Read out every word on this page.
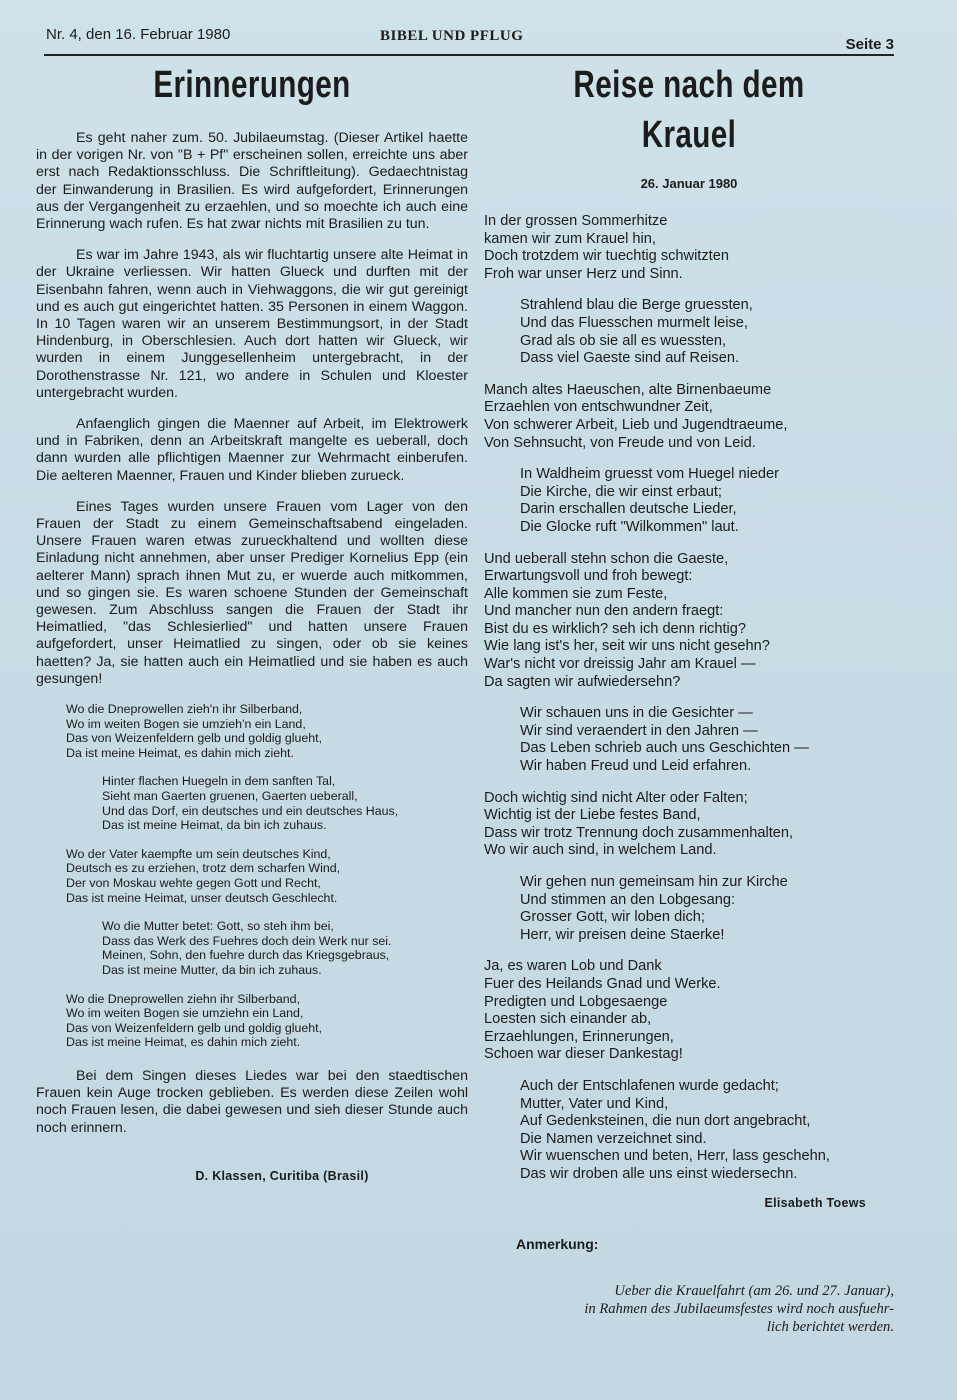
Nr. 4, den 16. Februar 1980	BIBEL UND PFLUG	Seite 3
Erinnerungen

Es geht naher zum. 50. Jubilaeumstag. (Dieser Artikel haette in der vorigen Nr. von "B + Pf" erscheinen sollen, erreichte uns aber erst nach Redaktionsschluss. Die Schriftleitung). Gedaechtnistag der Einwanderung in Brasilien. Es wird aufgefordert, Erinnerungen aus der Vergangenheit zu erzaehlen, und so moechte ich auch eine Erinnerung wach rufen. Es hat zwar nichts mit Brasilien zu tun.

Es war im Jahre 1943, als wir fluchtartig unsere alte Heimat in der Ukraine verliessen. Wir hatten Glueck und durften mit der Eisenbahn fahren, wenn auch in Viehwaggons, die wir gut gereinigt und es auch gut eingerichtet hatten. 35 Personen in einem Waggon. In 10 Tagen waren wir an unserem Bestimmungsort, in der Stadt Hindenburg, in Oberschlesien. Auch dort hatten wir Glueck, wir wurden in einem Junggesellenheim untergebracht, in der Dorothenstrasse Nr. 121, wo andere in Schulen und Kloester untergebracht wurden.

Anfaenglich gingen die Maenner auf Arbeit, im Elektrowerk und in Fabriken, denn an Arbeitskraft mangelte es ueberall, doch dann wurden alle pflichtigen Maenner zur Wehrmacht einberufen. Die aelteren Maenner, Frauen und Kinder blieben zurueck.

Eines Tages wurden unsere Frauen vom Lager von den Frauen der Stadt zu einem Gemeinschaftsabend eingeladen. Unsere Frauen waren etwas zurueckhaltend und wollten diese Einladung nicht annehmen, aber unser Prediger Kornelius Epp (ein aelterer Mann) sprach ihnen Mut zu, er wuerde auch mitkommen, und so gingen sie. Es waren schoene Stunden der Gemeinschaft gewesen. Zum Abschluss sangen die Frauen der Stadt ihr Heimatlied, "das Schlesierlied" und hatten unsere Frauen aufgefordert, unser Heimatlied zu singen, oder ob sie keines haetten? Ja, sie hatten auch ein Heimatlied und sie haben es auch gesungen!

Wo die Dneprowellen zieh'n ihr Silberband,
Wo im weiten Bogen sie umzieh'n ein Land,
Das von Weizenfeldern gelb und goldig glueht,
Da ist meine Heimat, es dahin mich zieht.
Hinter flachen Huegeln in dem sanften Tal,
Sieht man Gaerten gruenen, Gaerten ueberall,
Und das Dorf, ein deutsches und ein deutsches Haus,
Das ist meine Heimat, da bin ich zuhaus.
Wo der Vater kaempfte um sein deutsches Kind,
Deutsch es zu erziehen, trotz dem scharfen Wind,
Der von Moskau wehte gegen Gott und Recht,
Das ist meine Heimat, unser deutsch Geschlecht.
Wo die Mutter betet: Gott, so steh ihm bei,
Dass das Werk des Fuehres doch dein Werk nur sei.
Meinen, Sohn, den fuehre durch das Kriegsgebraus,
Das ist meine Mutter, da bin ich zuhaus.
Wo die Dneprowellen ziehn ihr Silberband,
Wo im weiten Bogen sie umziehn ein Land,
Das von Weizenfeldern gelb und goldig glueht,
Das ist meine Heimat, es dahin mich zieht.

Bei dem Singen dieses Liedes war bei den staedtischen Frauen kein Auge trocken geblieben. Es werden diese Zeilen wohl noch Frauen lesen, die dabei gewesen und sieh dieser Stunde auch noch erinnern.

D. Klassen, Curitiba (Brasil)
Reise nach dem Krauel
26. Januar 1980
In der grossen Sommerhitze
kamen wir zum Krauel hin,
Doch trotzdem wir tuechtig schwitzten
Froh war unser Herz und Sinn.
Strahlend blau die Berge gruessten,
Und das Fluesschen murmelt leise,
Grad als ob sie all es wuessten,
Dass viel Gaeste sind auf Reisen.
Manch altes Haeuschen, alte Birnenbaeume
Erzaehlen von entschwundner Zeit,
Von schwerer Arbeit, Lieb und Jugendtraeume,
Von Sehnsucht, von Freude und von Leid.
In Waldheim gruesst vom Huegel nieder
Die Kirche, die wir einst erbaut;
Darin erschallen deutsche Lieder,
Die Glocke ruft "Wilkommen" laut.
Und ueberall stehn schon die Gaeste,
Erwartungsvoll und froh bewegt:
Alle kommen sie zum Feste,
Und mancher nun den andern fraegt:
Bist du es wirklich? seh ich denn richtig?
Wie lang ist's her, seit wir uns nicht gesehn?
War's nicht vor dreissig Jahr am Krauel —
Da sagten wir aufwiedersehn?
Wir schauen uns in die Gesichter —
Wir sind veraendert in den Jahren —
Das Leben schrieb auch uns Geschichten —
Wir haben Freud und Leid erfahren.
Doch wichtig sind nicht Alter oder Falten;
Wichtig ist der Liebe festes Band,
Dass wir trotz Trennung doch zusammenhalten,
Wo wir auch sind, in welchem Land.
Wir gehen nun gemeinsam hin zur Kirche
Und stimmen an den Lobgesang:
Grosser Gott, wir loben dich;
Herr, wir preisen deine Staerke!
Ja, es waren Lob und Dank
Fuer des Heilands Gnad und Werke.
Predigten und Lobgesaenge
Loesten sich einander ab,
Erzaehlungen, Erinnerungen,
Schoen war dieser Dankestag!
Auch der Entschlafenen wurde gedacht;
Mutter, Vater und Kind,
Auf Gedenksteinen, die nun dort angebracht,
Die Namen verzeichnet sind.
Wir wuenschen und beten, Herr, lass geschehn,
Das wir droben alle uns einst wiedersechn.
Elisabeth Toews
Anmerkung:
Ueber die Krauelfahrt (am 26. und 27. Januar),
in Rahmen des Jubilaeumsfestes wird noch ausfuehr-
lich berichtet werden.
